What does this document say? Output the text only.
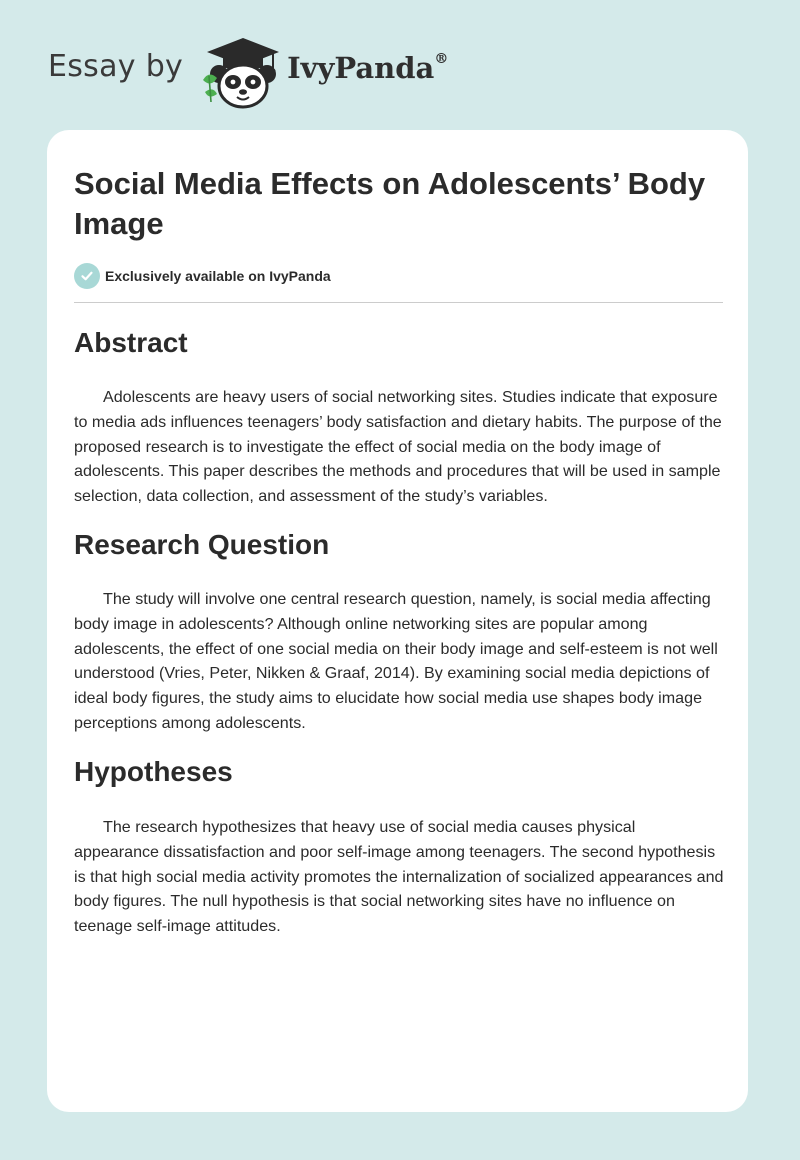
Essay by	IvyPanda®
Social Media Effects on Adolescents’ Body Image
Exclusively available on IvyPanda
Abstract

Adolescents are heavy users of social networking sites. Studies indicate that exposure to media ads influences teenagers’ body satisfaction and dietary habits. The purpose of the proposed research is to investigate the effect of social media on the body image of adolescents. This paper describes the methods and procedures that will be used in sample selection, data collection, and assessment of the study’s variables.

Research Question

The study will involve one central research question, namely, is social media affecting body image in adolescents? Although online networking sites are popular among adolescents, the effect of one social media on their body image and self-esteem is not well understood (Vries, Peter, Nikken & Graaf, 2014). By examining social media depictions of ideal body figures, the study aims to elucidate how social media use shapes body image perceptions among adolescents.

Hypotheses

The research hypothesizes that heavy use of social media causes physical appearance dissatisfaction and poor self-image among teenagers. The second hypothesis is that high social media activity promotes the internalization of socialized appearances and body figures. The null hypothesis is that social networking sites have no influence on teenage self-image attitudes.
